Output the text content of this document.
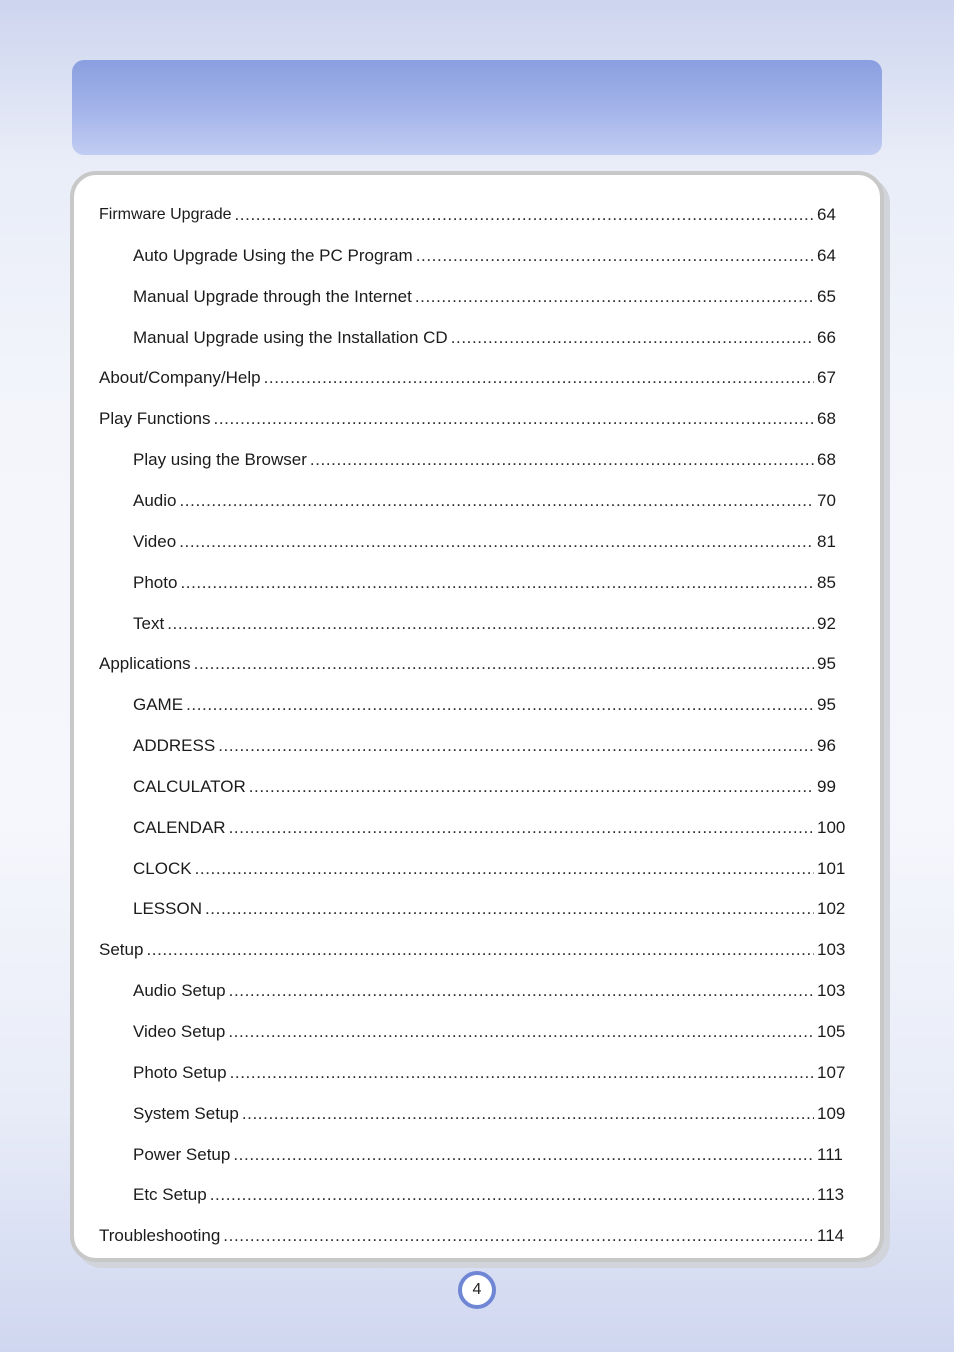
Firmware Upgrade .....	64
Auto Upgrade Using the PC Program .....	64
Manual Upgrade through the Internet .....	65
Manual Upgrade using the Installation CD .....	66
About/Company/Help .....	67
Play Functions .....	68
Play using the Browser .....	68
Audio .....	70
Video .....	81
Photo .....	85
Text .....	92
Applications .....	95
GAME .....	95
ADDRESS .....	96
CALCULATOR .....	99
CALENDAR .....	100
CLOCK .....	101
LESSON .....	102
Setup .....	103
Audio Setup .....	103
Video Setup .....	105
Photo Setup .....	107
System Setup .....	109
Power Setup .....	111
Etc Setup .....	113
Troubleshooting .....	114
4
